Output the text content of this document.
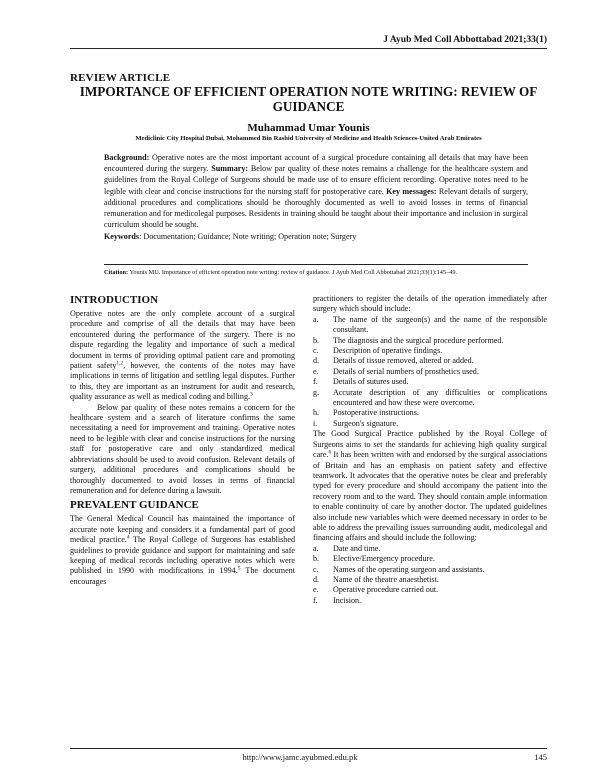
J Ayub Med Coll Abbottabad 2021;33(1)
REVIEW ARTICLE
IMPORTANCE OF EFFICIENT OPERATION NOTE WRITING: REVIEW OF GUIDANCE
Muhammad Umar Younis
Mediclinic City Hospital Dubai, Mohammed Bin Rashid University of Medicine and Health Sciences-United Arab Emirates

Background: Operative notes are the most important account of a surgical procedure containing all details that may have been encountered during the surgery. Summary: Below par quality of these notes remains a challenge for the healthcare system and guidelines from the Royal College of Surgeons should be made use of to ensure efficient recording. Operative notes need to be legible with clear and concise instructions for the nursing staff for postoperative care. Key messages: Relevant details of surgery, additional procedures and complications should be thoroughly documented as well to avoid losses in terms of financial remuneration and for medicolegal purposes. Residents in training should be taught about their importance and inclusion in surgical curriculum should be sought.

Keywords: Documentation; Guidance; Note writing; Operation note; Surgery

Citation: Younis MU. Importance of efficient operation note writing: review of guidance. J Ayub Med Coll Abbottabad 2021;33(1):145–49.
INTRODUCTION

Operative notes are the only complete account of a surgical procedure and comprise of all the details that may have been encountered during the performance of the surgery. There is no dispute regarding the legality and importance of such a medical document in terms of providing optimal patient care and promoting patient safety$^{1,2}$, however, the contents of the notes may have implications in terms of litigation and settling legal disputes. Further to this, they are important as an instrument for audit and research, quality assurance as well as medical coding and billing.$^3$

Below par quality of these notes remains a concern for the healthcare system and a search of literature confirms the same necessitating a need for improvement and training. Operative notes need to be legible with clear and concise instructions for the nursing staff for postoperative care and only standardized medical abbreviations should be used to avoid confusion. Relevant details of surgery, additional procedures and complications should be thoroughly documented to avoid losses in terms of financial remuneration and for defence during a lawsuit.

PREVALENT GUIDANCE

The General Medical Council has maintained the importance of accurate note keeping and considers it a fundamental part of good medical practice.$^4$ The Royal College of Surgeons has established guidelines to provide guidance and support for maintaining and safe keeping of medical records including operative notes which were published in 1990 with modifications in 1994.$^5$ The document encourages

practitioners to register the details of the operation immediately after surgery which should include:

a. The name of the surgeon(s) and the name of the responsible consultant.
b. The diagnosis and the surgical procedure performed.
c. Description of operative findings.
d. Details of tissue removed, altered or added.
e. Details of serial numbers of prosthetics used.
f. Details of sutures used.
g. Accurate description of any difficulties or complications encountered and how these were overcome.
h. Postoperative instructions.
i. Surgeon's signature.

The Good Surgical Practice published by the Royal College of Surgeons aims to set the standards for achieving high quality surgical care.$^6$ It has been written with and endorsed by the surgical associations of Britain and has an emphasis on patient safety and effective teamwork. It advocates that the operative notes be clear and preferably typed for every procedure and should accompany the patient into the recovery room and to the ward. They should contain ample information to enable continuity of care by another doctor. The updated guidelines also include new variables which were deemed necessary in order to be able to address the prevailing issues surrounding audit, medicolegal and financing affairs and should include the following:

a. Date and time.
b. Elective/Emergency procedure.
c. Names of the operating surgeon and assistants.
d. Name of the theatre anaesthetist.
e. Operative procedure carried out.
f. Incision.
http://www.jamc.ayubmed.edu.pk	145
